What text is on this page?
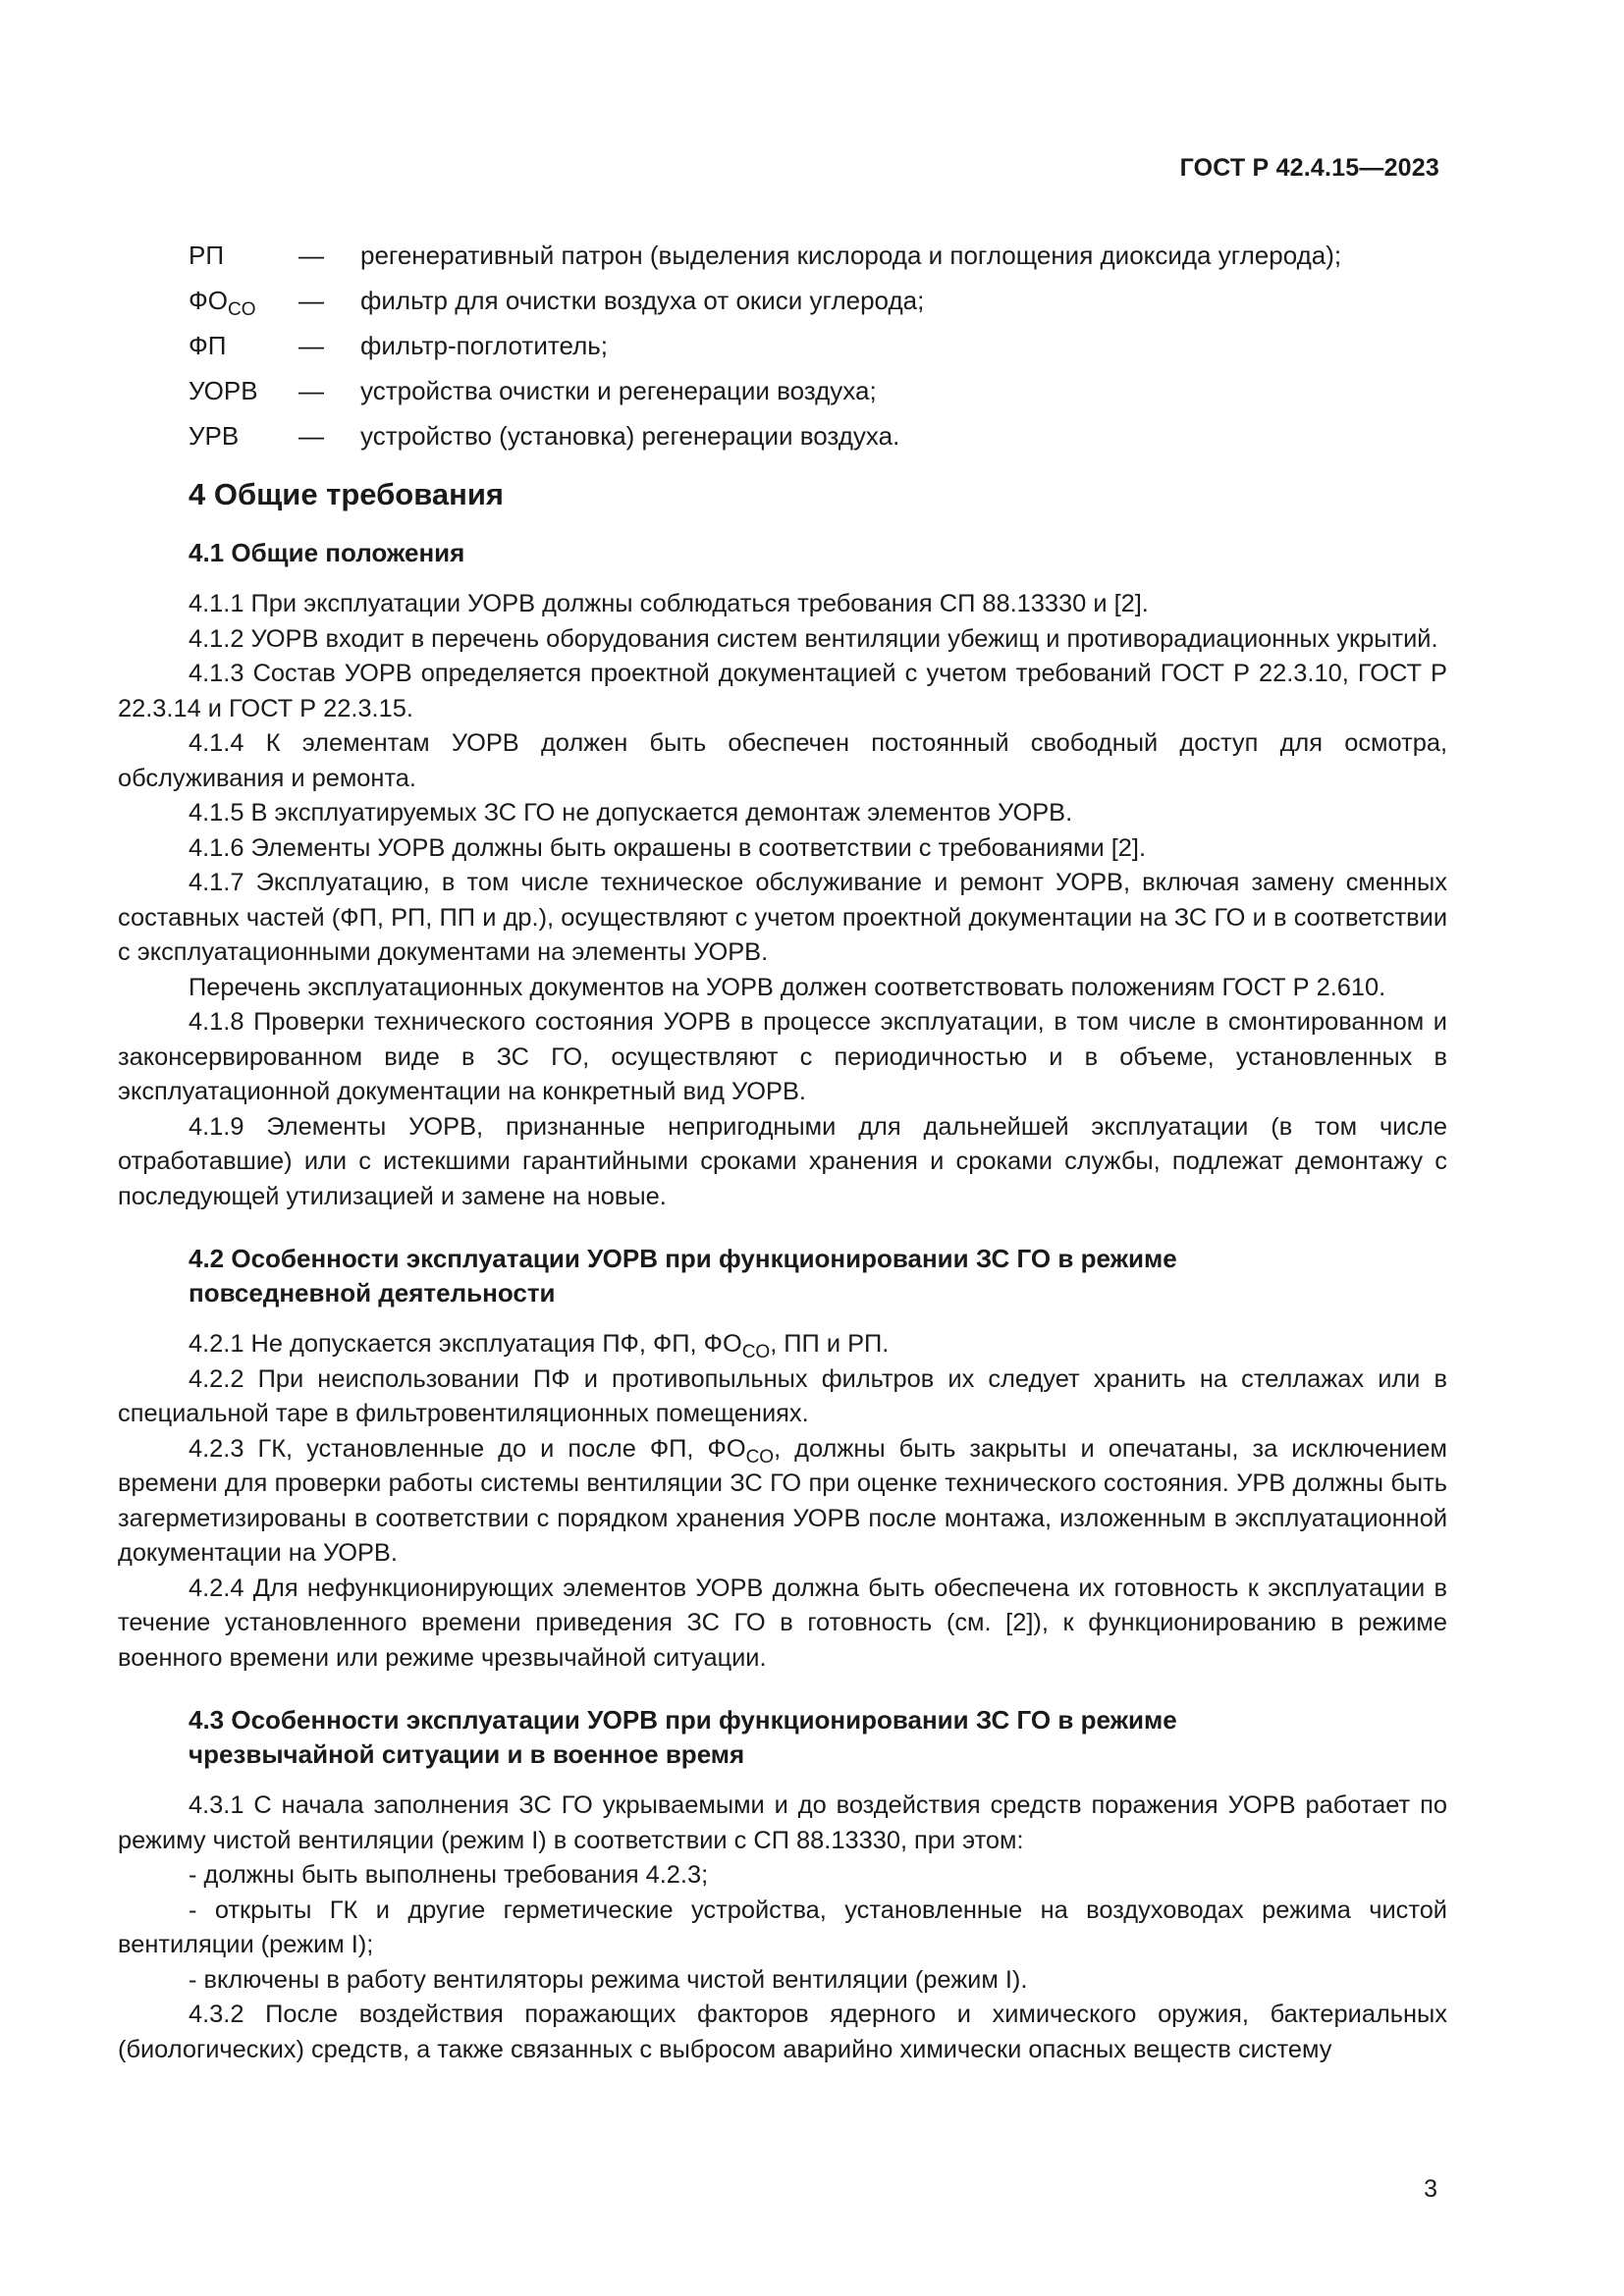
ГОСТ Р 42.4.15—2023
РП	— регенеративный патрон (выделения кислорода и поглощения диоксида углерода);
$ФО_{CO}$ — фильтр для очистки воздуха от окиси углерода;
ФП	— фильтр-поглотитель;
УОРВ — устройства очистки и регенерации воздуха;
УРВ — устройство (установка) регенерации воздуха.
4 Общие требования
4.1 Общие положения

4.1.1 При эксплуатации УОРВ должны соблюдаться требования СП 88.13330 и [2].

4.1.2 УОРВ входит в перечень оборудования систем вентиляции убежищ и противорадиационных укрытий.

4.1.3 Состав УОРВ определяется проектной документацией с учетом требований ГОСТ Р 22.3.10, ГОСТ Р 22.3.14 и ГОСТ Р 22.3.15.

4.1.4 К элементам УОРВ должен быть обеспечен постоянный свободный доступ для осмотра, обслуживания и ремонта.

4.1.5 В эксплуатируемых ЗС ГО не допускается демонтаж элементов УОРВ.

4.1.6 Элементы УОРВ должны быть окрашены в соответствии с требованиями [2].

4.1.7 Эксплуатацию, в том числе техническое обслуживание и ремонт УОРВ, включая замену сменных составных частей (ФП, РП, ПП и др.), осуществляют с учетом проектной документации на ЗС ГО и в соответствии с эксплуатационными документами на элементы УОРВ.

Перечень эксплуатационных документов на УОРВ должен соответствовать положениям ГОСТ Р 2.610.

4.1.8 Проверки технического состояния УОРВ в процессе эксплуатации, в том числе в смонтированном и законсервированном виде в ЗС ГО, осуществляют с периодичностью и в объеме, установленных в эксплуатационной документации на конкретный вид УОРВ.

4.1.9 Элементы УОРВ, признанные непригодными для дальнейшей эксплуатации (в том числе отработавшие) или с истекшими гарантийными сроками хранения и сроками службы, подлежат демонтажу с последующей утилизацией и замене на новые.

4.2 Особенности эксплуатации УОРВ при функционировании ЗС ГО в режиме
повседневной деятельности

4.2.1 Не допускается эксплуатация ПФ, ФП, $ФО_{CO}$, ПП и РП.

4.2.2 При неиспользовании ПФ и противопыльных фильтров их следует хранить на стеллажах или в специальной таре в фильтровентиляционных помещениях.

4.2.3 ГК, установленные до и после ФП, $ФО_{CO}$, должны быть закрыты и опечатаны, за исключением времени для проверки работы системы вентиляции ЗС ГО при оценке технического состояния. УРВ должны быть загерметизированы в соответствии с порядком хранения УОРВ после монтажа, изложенным в эксплуатационной документации на УОРВ.

4.2.4 Для нефункционирующих элементов УОРВ должна быть обеспечена их готовность к эксплуатации в течение установленного времени приведения ЗС ГО в готовность (см. [2]), к функционированию в режиме военного времени или режиме чрезвычайной ситуации.

4.3 Особенности эксплуатации УОРВ при функционировании ЗС ГО в режиме
чрезвычайной ситуации и в военное время

4.3.1 С начала заполнения ЗС ГО укрываемыми и до воздействия средств поражения УОРВ работает по режиму чистой вентиляции (режим I) в соответствии с СП 88.13330, при этом:

- должны быть выполнены требования 4.2.3;

- открыты ГК и другие герметические устройства, установленные на воздуховодах режима чистой вентиляции (режим I);

- включены в работу вентиляторы режима чистой вентиляции (режим I).

4.3.2 После воздействия поражающих факторов ядерного и химического оружия, бактериальных (биологических) средств, а также связанных с выбросом аварийно химически опасных веществ систему

3
